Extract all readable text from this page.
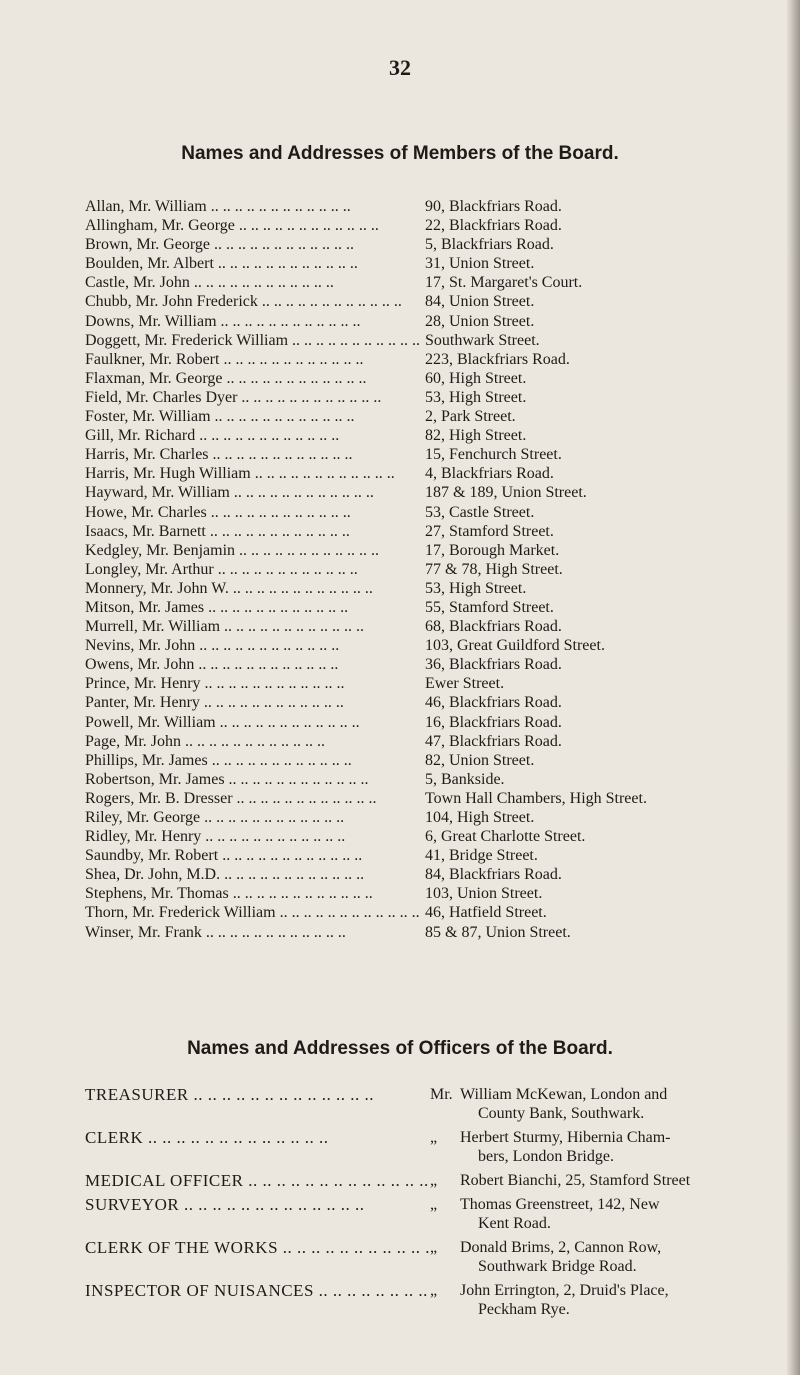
32
Names and Addresses of Members of the Board.
Allan, Mr. William .. ..	90, Blackfriars Road.
Allingham, Mr. George .. ..	22, Blackfriars Road.
Brown, Mr. George .. ..	5, Blackfriars Road.
Boulden, Mr. Albert .. ..	31, Union Street.
Castle, Mr. John .. ..	17, St. Margaret's Court.
Chubb, Mr. John Frederick .. ..	84, Union Street.
Downs, Mr. William .. ..	28, Union Street.
Doggett, Mr. Frederick William .. ..	Southwark Street.
Faulkner, Mr. Robert .. ..	223, Blackfriars Road.
Flaxman, Mr. George .. ..	60, High Street.
Field, Mr. Charles Dyer .. ..	53, High Street.
Foster, Mr. William .. ..	2, Park Street.
Gill, Mr. Richard .. ..	82, High Street.
Harris, Mr. Charles .. ..	15, Fenchurch Street.
Harris, Mr. Hugh William .. ..	4, Blackfriars Road.
Hayward, Mr. William .. ..	187 & 189, Union Street.
Howe, Mr. Charles .. ..	53, Castle Street.
Isaacs, Mr. Barnett .. ..	27, Stamford Street.
Kedgley, Mr. Benjamin .. ..	17, Borough Market.
Longley, Mr. Arthur .. ..	77 & 78, High Street.
Monnery, Mr. John W. .. ..	53, High Street.
Mitson, Mr. James .. ..	55, Stamford Street.
Murrell, Mr. William .. ..	68, Blackfriars Road.
Nevins, Mr. John .. ..	103, Great Guildford Street.
Owens, Mr. John .. ..	36, Blackfriars Road.
Prince, Mr. Henry .. ..	Ewer Street.
Panter, Mr. Henry .. ..	46, Blackfriars Road.
Powell, Mr. William .. ..	16, Blackfriars Road.
Page, Mr. John .. ..	47, Blackfriars Road.
Phillips, Mr. James .. ..	82, Union Street.
Robertson, Mr. James .. ..	5, Bankside.
Rogers, Mr. B. Dresser .. ..	Town Hall Chambers, High Street.
Riley, Mr. George .. ..	104, High Street.
Ridley, Mr. Henry .. ..	6, Great Charlotte Street.
Saundby, Mr. Robert .. ..	41, Bridge Street.
Shea, Dr. John, M.D. .. ..	84, Blackfriars Road.
Stephens, Mr. Thomas .. ..	103, Union Street.
Thorn, Mr. Frederick William .. ..	46, Hatfield Street.
Winser, Mr. Frank .. ..	85 & 87, Union Street.
Names and Addresses of Officers of the Board.
TREASURER .. ..	Mr. William McKewan, London and
County Bank, Southwark.
CLERK .. ..	„	Herbert Sturmy, Hibernia Cham-
bers, London Bridge.
MEDICAL OFFICER .. ..	„	Robert Bianchi, 25, Stamford Street
SURVEYOR .. ..	„	Thomas Greenstreet, 142, New
Kent Road.
CLERK OF THE WORKS .. ..	„	Donald Brims, 2, Cannon Row,
Southwark Bridge Road.
INSPECTOR OF NUISANCES .. ..	„	John Errington, 2, Druid's Place,
Peckham Rye.
